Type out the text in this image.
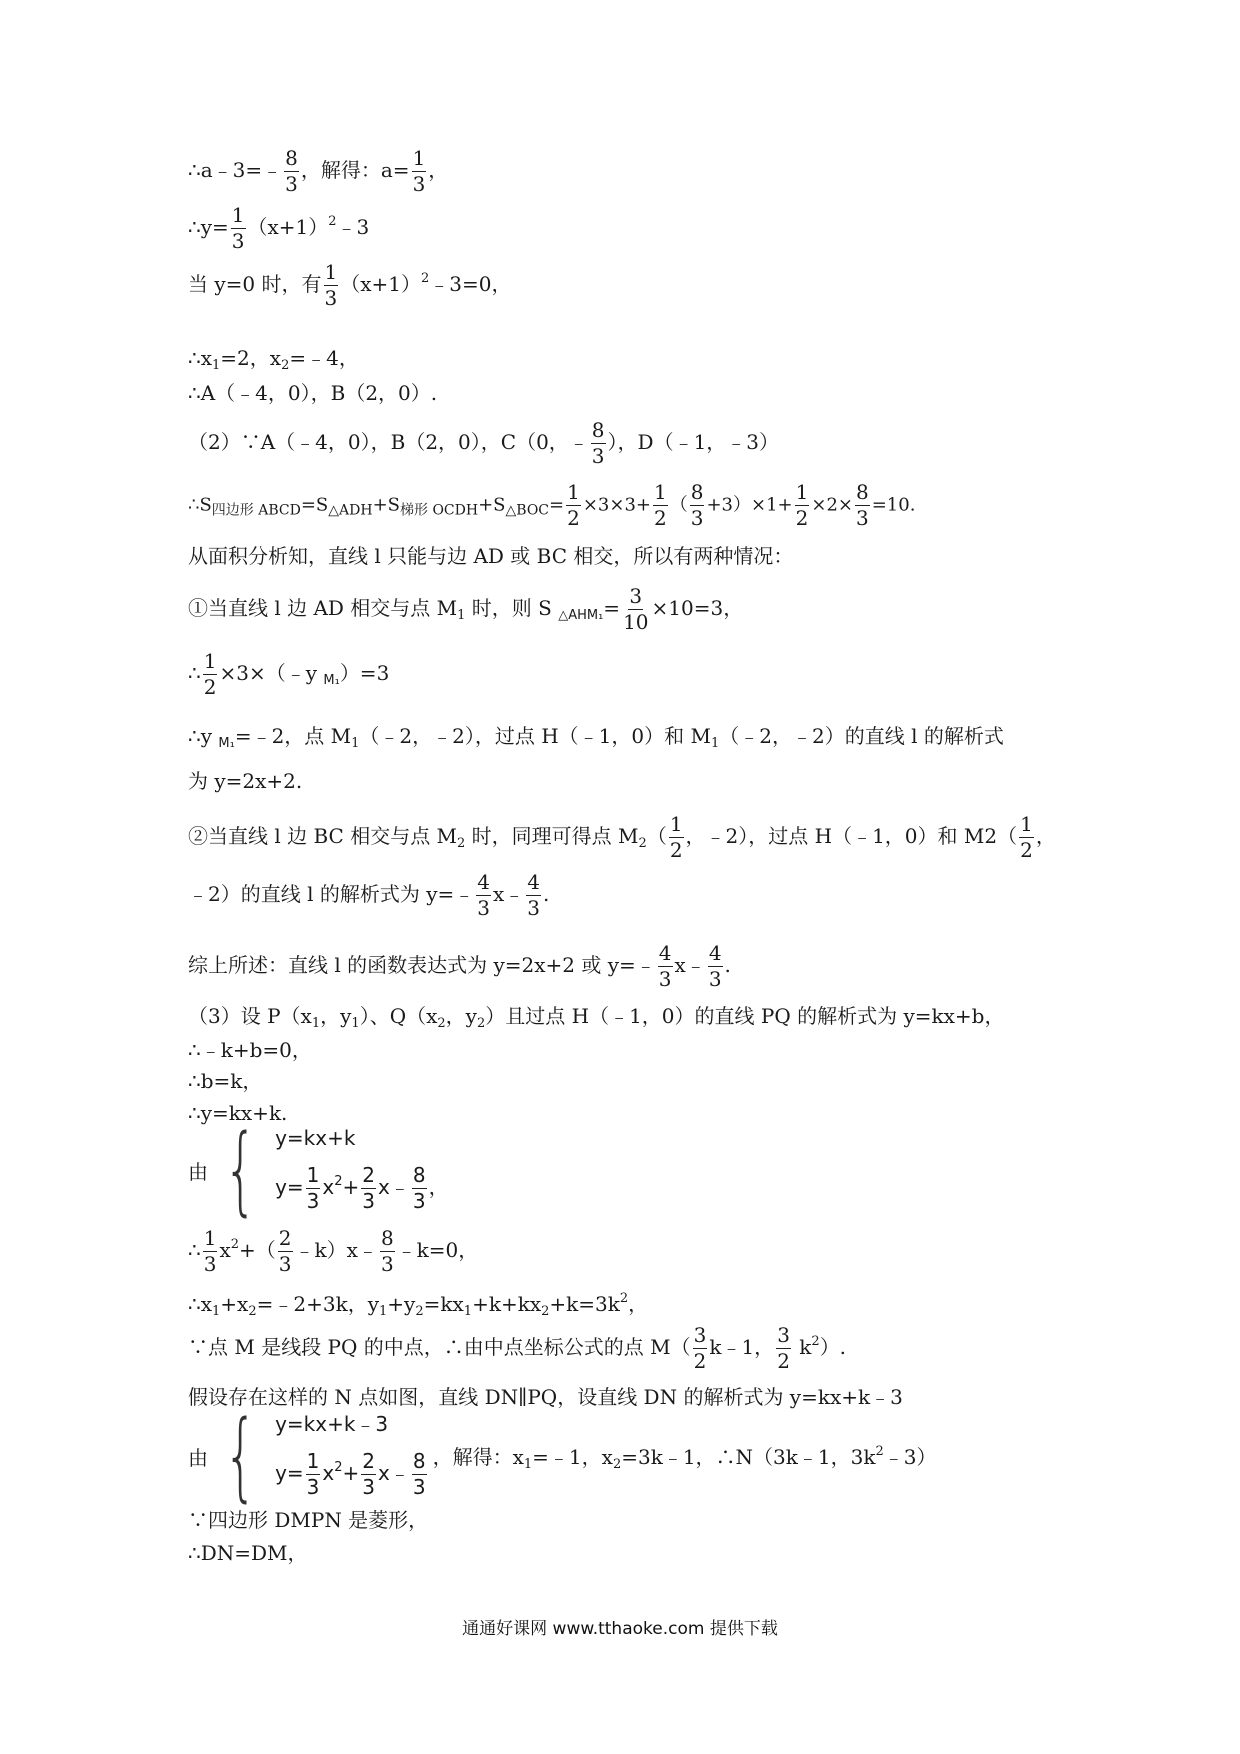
∴a﹣3=﹣ $\frac{8}{3}$ ，解得：$a= \frac{1}{3}$ ，
∴y= $\frac{1}{3}$ $(x+1)^2﹣3$
当 y=0 时，有 $\frac{1}{3}$ $(x+1)^2﹣3=0$，
$\therefore x_1=2$，$x_2=﹣4$，
∴A（﹣4，0），B（2，0）.
（2）∵A（﹣4，0），B（2，0），C（0，﹣ $\frac{8}{3}$ ），D（﹣1，﹣3）
$\therefore S_{四边形 ABCD}=S_{\triangle ADH}+S_{梯形 OCDH}+S_{\triangle BOC}= \frac{1}{2} \times 3\times 3+ \frac{1}{2}$ （ $\frac{8}{3} +3)\times 1+ \frac{1}{2} \times 2\times \frac{8}{3} =10$.
从面积分析知，直线 l 只能与边 AD 或 BC 相交，所以有两种情况：
①当直线 l 边 AD 相交与点 $M_1$ 时，则 S $_{\triangle AHM_1}= \frac{3}{10} \times 10=3$，
∴ $\frac{1}{2}$ ×3×（﹣y $_{M_1}$）=3
∴y $_{M_1}$=﹣2，点 $M_1(﹣2$，﹣2），过点 H（﹣1，0）和 $M_1(﹣2$，﹣2）的直线 l 的解析式
为 y=2x+2.
②当直线 l 边 BC 相交与点 $M_2$ 时，同理可得点 $M_2( \frac{1}{2}$ ，﹣2），过点 H（﹣1，0）和 $M2( \frac{1}{2}$ ，
﹣2）的直线 l 的解析式为 y=﹣ $\frac{4}{3}$ x﹣ $\frac{4}{3}$ .
综上所述：直线 l 的函数表达式为 y=2x+2 或 y=﹣ $\frac{4}{3}$ x﹣ $\frac{4}{3}$ .
（3）设 $P(x_1$，$y_1$）、$Q(x_2$，$y_2$）且过点 H（﹣1，0）的直线 PQ 的解析式为 y=kx+b，
∴﹣k+b=0，
∴b=k，
∴y=kx+k.
由 { y=kx+k
$y= \frac{1}{3} x^2+ \frac{2}{3}$ x﹣ $\frac{8}{3}$ ，
∴ $\frac{1}{3} x^2+( \frac{2}{3}$ ﹣k）x﹣ $\frac{8}{3}$ ﹣k=0，
$\therefore x_1+x_2=﹣2+3k$，$y_1+y_2=kx_1+k+kx_2+k=3k^2$，
∵点 M 是线段 PQ 的中点，∴由中点坐标公式的点 $M( \frac{3}{2}$ k﹣1， $\frac{3}{2} k^2$）.
假设存在这样的 N 点如图，直线 DN∥PQ，设直线 DN 的解析式为 y=kx+k﹣3
由 { y=kx+k﹣3
$y= \frac{1}{3} x^2+ \frac{2}{3}$ x﹣ $\frac{8}{3}$ ，解得：$x_1=﹣1$，$x_2=3k﹣1$，∴N（3k﹣1，$3k^2﹣3$）
∵四边形 DMPN 是菱形，
∴DN=DM，
通通好课网 www.tthaoke.com 提供下载
